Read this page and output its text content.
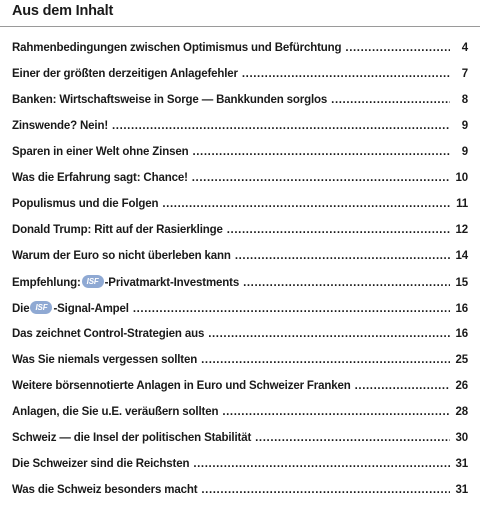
Aus dem Inhalt
Rahmenbedingungen zwischen Optimismus und Befürchtung .....	4
Einer der größten derzeitigen Anlagefehler .....	7
Banken: Wirtschaftsweise in Sorge — Bankkunden sorglos .....	8
Zinswende? Nein! .....	9
Sparen in einer Welt ohne Zinsen .....	9
Was die Erfahrung sagt: Chance! .....	10
Populismus und die Folgen .....	11
Donald Trump: Ritt auf der Rasierklinge .....	12
Warum der Euro so nicht überleben kann .....	14
Empfehlung: ISF -Privatmarkt-Investments .....	15
Die ISF -Signal-Ampel .....	16
Das zeichnet Control-Strategien aus .....	16
Was Sie niemals vergessen sollten .....	25
Weitere börsennotierte Anlagen in Euro und Schweizer Franken .....	26
Anlagen, die Sie u.E. veräußern sollten .....	28
Schweiz — die Insel der politischen Stabilität .....	30
Die Schweizer sind die Reichsten .....	31
Was die Schweiz besonders macht .....	31
